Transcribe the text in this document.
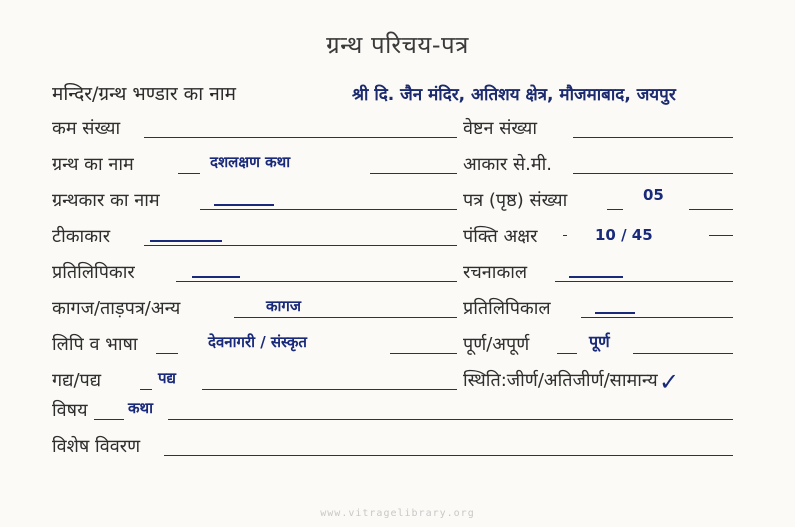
ग्रन्थ परिचय-पत्र
मन्दिर/ग्रन्थ भण्डार का नाम	श्री दि. जैन मंदिर, अतिशय क्षेत्र, मौजमाबाद, जयपुर
कम संख्या
ग्रन्थ का नाम	दशलक्षण कथा
ग्रन्थकार का नाम
टीकाकार
प्रतिलिपिकार
कागज/ताड़पत्र/अन्य	कागज
लिपि व भाषा	देवनागरी / संस्कृत
गद्य/पद्य	पद्य
वेष्टन संख्या
आकार से.मी.
पत्र (पृष्ठ) संख्या	05
पंक्ति अक्षर	10 / 45
रचनाकाल
प्रतिलिपिकाल
पूर्ण/अपूर्ण	पूर्ण
स्थिति:जीर्ण/अतिजीर्ण/सामान्य ✓
विषय	कथा
विशेष विवरण
www.vitragelibrary.org
